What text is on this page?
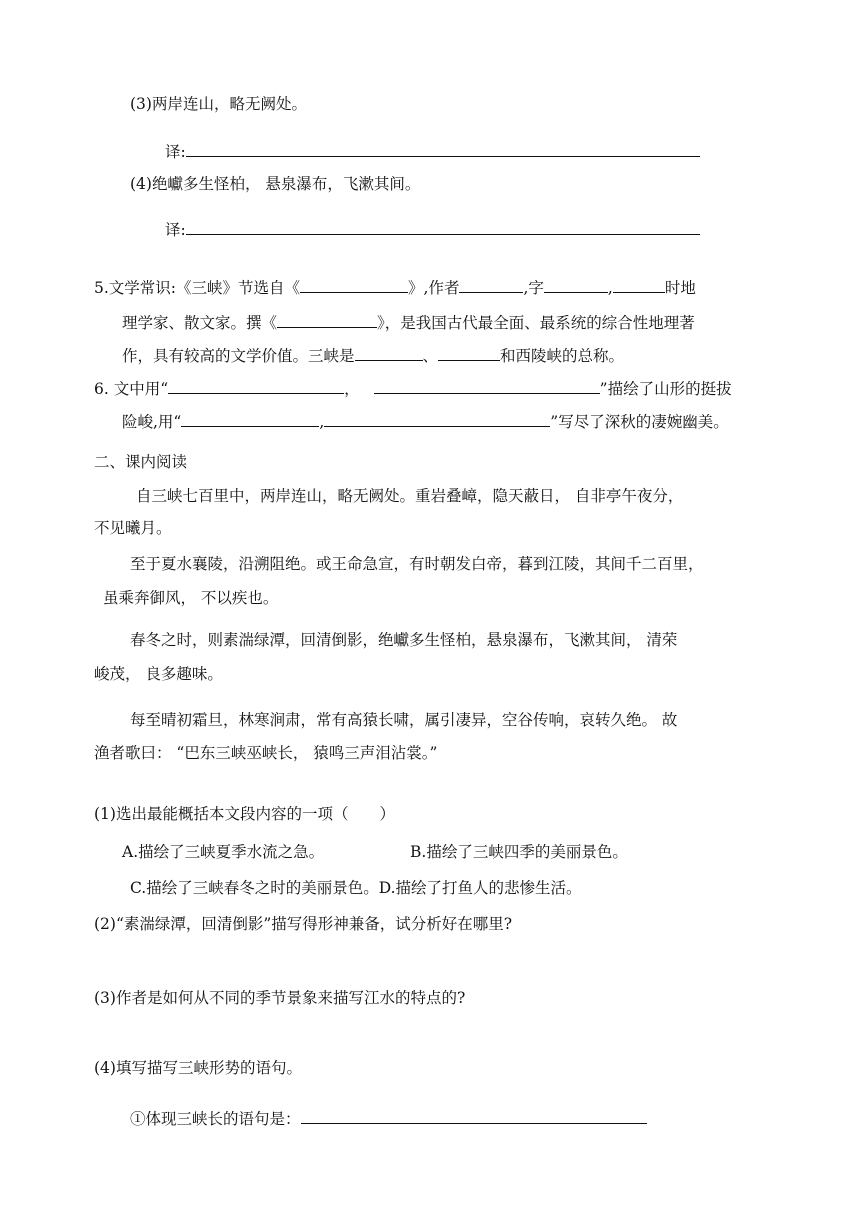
(3)两岸连山，略无阙处。
译:
(4)绝巘多生怪柏， 悬泉瀑布，飞漱其间。
译:
5.文学常识:《三峡》节选自《	》,作者	,字	,	时地
理学家、散文家。撰《	》，是我国古代最全面、最系统的综合性地理著
作，具有较高的文学价值。三峡是	、	和西陵峡的总称。
6. 文中用“	，	”描绘了山形的挺拔
险峻,用“	,	”写尽了深秋的凄婉幽美。
二、课内阅读
自三峡七百里中，两岸连山，略无阙处。重岩叠嶂，隐天蔽日， 自非亭午夜分，
不见曦月。
至于夏水襄陵，沿溯阻绝。或王命急宣，有时朝发白帝，暮到江陵，其间千二百里，
虽乘奔御风， 不以疾也。
春冬之时，则素湍绿潭，回清倒影，绝巘多生怪柏，悬泉瀑布，飞漱其间， 清荣
峻茂， 良多趣味。
每至晴初霜旦，林寒涧肃，常有高猿长啸，属引凄异，空谷传响，哀转久绝。 故
渔者歌曰： “巴东三峡巫峡长， 猿鸣三声泪沾裳。”
(1)选出最能概括本文段内容的一项（　　）
A.描绘了三峡夏季水流之急。	B.描绘了三峡四季的美丽景色。
C.描绘了三峡春冬之时的美丽景色。D.描绘了打鱼人的悲惨生活。
(2)“素湍绿潭，回清倒影”描写得形神兼备，试分析好在哪里?
(3)作者是如何从不同的季节景象来描写江水的特点的?
(4)填写描写三峡形势的语句。
①体现三峡长的语句是：
